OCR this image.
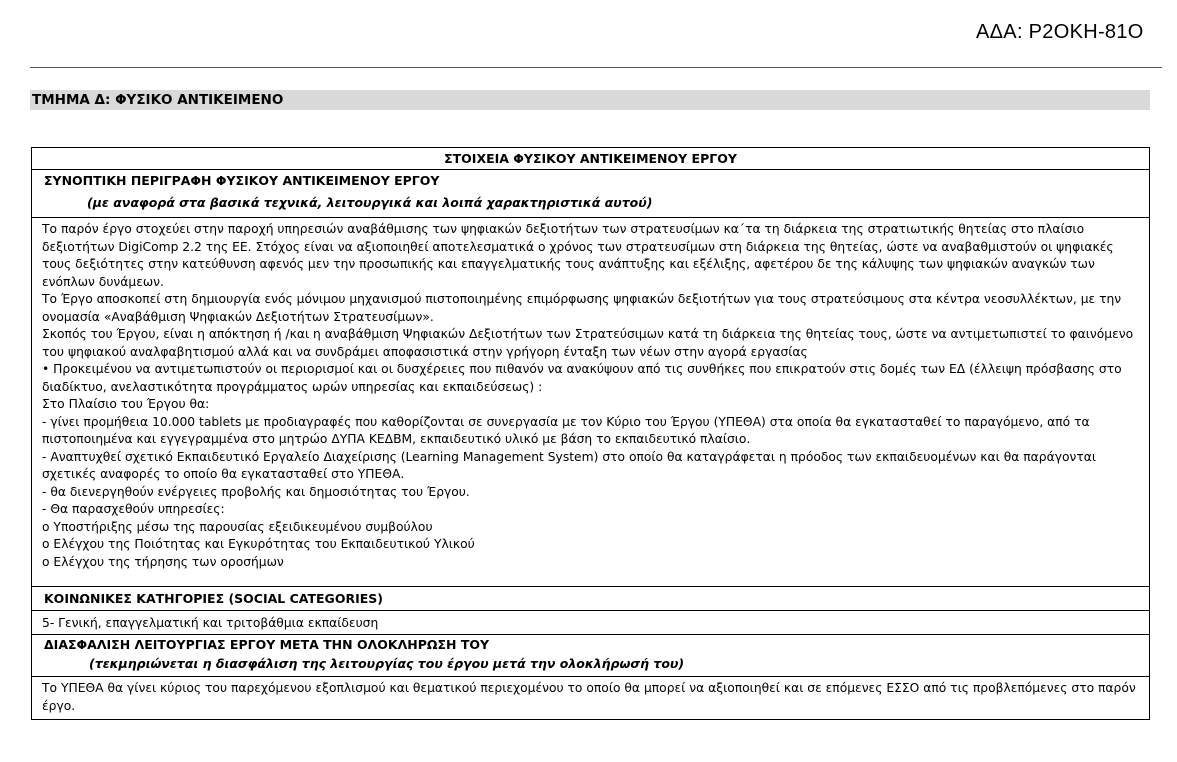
ΑΔΑ: Ρ2ΟΚΗ-81Ο
ΤΜΗΜΑ Δ: ΦΥΣΙΚΟ ΑΝΤΙΚΕΙΜΕΝΟ
ΣΤΟΙΧΕΙΑ ΦΥΣΙΚΟΥ ΑΝΤΙΚΕΙΜΕΝΟΥ ΕΡΓΟΥ
ΣΥΝΟΠΤΙΚΗ ΠΕΡΙΓΡΑΦΗ ΦΥΣΙΚΟΥ ΑΝΤΙΚΕΙΜΕΝΟΥ ΕΡΓΟΥ
(με αναφορά στα βασικά τεχνικά, λειτουργικά και λοιπά χαρακτηριστικά αυτού)

Το παρόν έργο στοχεύει στην παροχή υπηρεσιών αναβάθμισης των ψηφιακών δεξιοτήτων των στρατευσίμων κα΄τα τη διάρκεια της στρατιωτικής θητείας στο πλαίσιο δεξιοτήτων DigiComp 2.2 της ΕΕ. Στόχος είναι να αξιοποιηθεί αποτελεσματικά ο χρόνος των στρατευσίμων στη διάρκεια της θητείας, ώστε να αναβαθμιστούν οι ψηφιακές τους δεξιότητες στην κατεύθυνση αφενός μεν την προσωπικής και επαγγελματικής τους ανάπτυξης και εξέλιξης, αφετέρου δε της κάλυψης των ψηφιακών αναγκών των ενόπλων δυνάμεων.

Το Έργο αποσκοπεί στη δημιουργία ενός μόνιμου μηχανισμού πιστοποιημένης επιμόρφωσης ψηφιακών δεξιοτήτων για τους στρατεύσιμους στα κέντρα νεοσυλλέκτων, με την ονομασία «Αναβάθμιση Ψηφιακών Δεξιοτήτων Στρατευσίμων».

Σκοπός του Έργου, είναι η απόκτηση ή /και η αναβάθμιση Ψηφιακών Δεξιοτήτων των Στρατεύσιμων κατά τη διάρκεια της θητείας τους, ώστε να αντιμετωπιστεί το φαινόμενο του ψηφιακού αναλφαβητισμού αλλά και να συνδράμει αποφασιστικά στην γρήγορη ένταξη των νέων στην αγορά εργασίας

• Προκειμένου να αντιμετωπιστούν οι περιορισμοί και οι δυσχέρειες που πιθανόν να ανακύψουν από τις συνθήκες που επικρατούν στις δομές των ΕΔ (έλλειψη πρόσβασης στο διαδίκτυο, ανελαστικότητα προγράμματος ωρών υπηρεσίας και εκπαιδεύσεως) :

Στο Πλαίσιο του Έργου θα:

- γίνει προμήθεια 10.000 tablets με προδιαγραφές που καθορίζονται σε συνεργασία με τον Κύριο του Έργου (ΥΠΕΘΑ) στα οποία θα εγκατασταθεί το παραγόμενο, από τα πιστοποιημένα και εγγεγραμμένα στο μητρώο ΔΥΠΑ ΚΕΔΒΜ, εκπαιδευτικό υλικό με βάση το εκπαιδευτικό πλαίσιο.

- Αναπτυχθεί σχετικό Εκπαιδευτικό Εργαλείο Διαχείρισης (Learning Management System) στο οποίο θα καταγράφεται η πρόοδος των εκπαιδευομένων και θα παράγονται σχετικές αναφορές το οποίο θα εγκατασταθεί στο ΥΠΕΘΑ.

- θα διενεργηθούν ενέργειες προβολής και δημοσιότητας του Έργου.

- Θα παρασχεθούν υπηρεσίες:

ο Υποστήριξης μέσω της παρουσίας εξειδικευμένου συμβούλου

ο Ελέγχου της Ποιότητας και Εγκυρότητας του Εκπαιδευτικού Υλικού

ο Ελέγχου της τήρησης των ορoσήμων

ΚΟΙΝΩΝΙΚΕΣ ΚΑΤΗΓΟΡΙΕΣ (SOCIAL CATEGORIES)
5- Γενική, επαγγελματική και τριτοβάθμια εκπαίδευση
ΔΙΑΣΦΑΛΙΣΗ ΛΕΙΤΟΥΡΓΙΑΣ ΕΡΓΟΥ ΜΕΤΑ ΤΗΝ ΟΛΟΚΛΗΡΩΣΗ ΤΟΥ
(τεκμηριώνεται η διασφάλιση της λειτουργίας του έργου μετά την ολοκλήρωσή του)
Το ΥΠΕΘΑ θα γίνει κύριος του παρεχόμενου εξοπλισμού και θεματικού περιεχομένου το οποίο θα μπορεί να αξιοποιηθεί και σε επόμενες ΕΣΣΟ από τις προβλεπόμενες στο παρόν έργο.
